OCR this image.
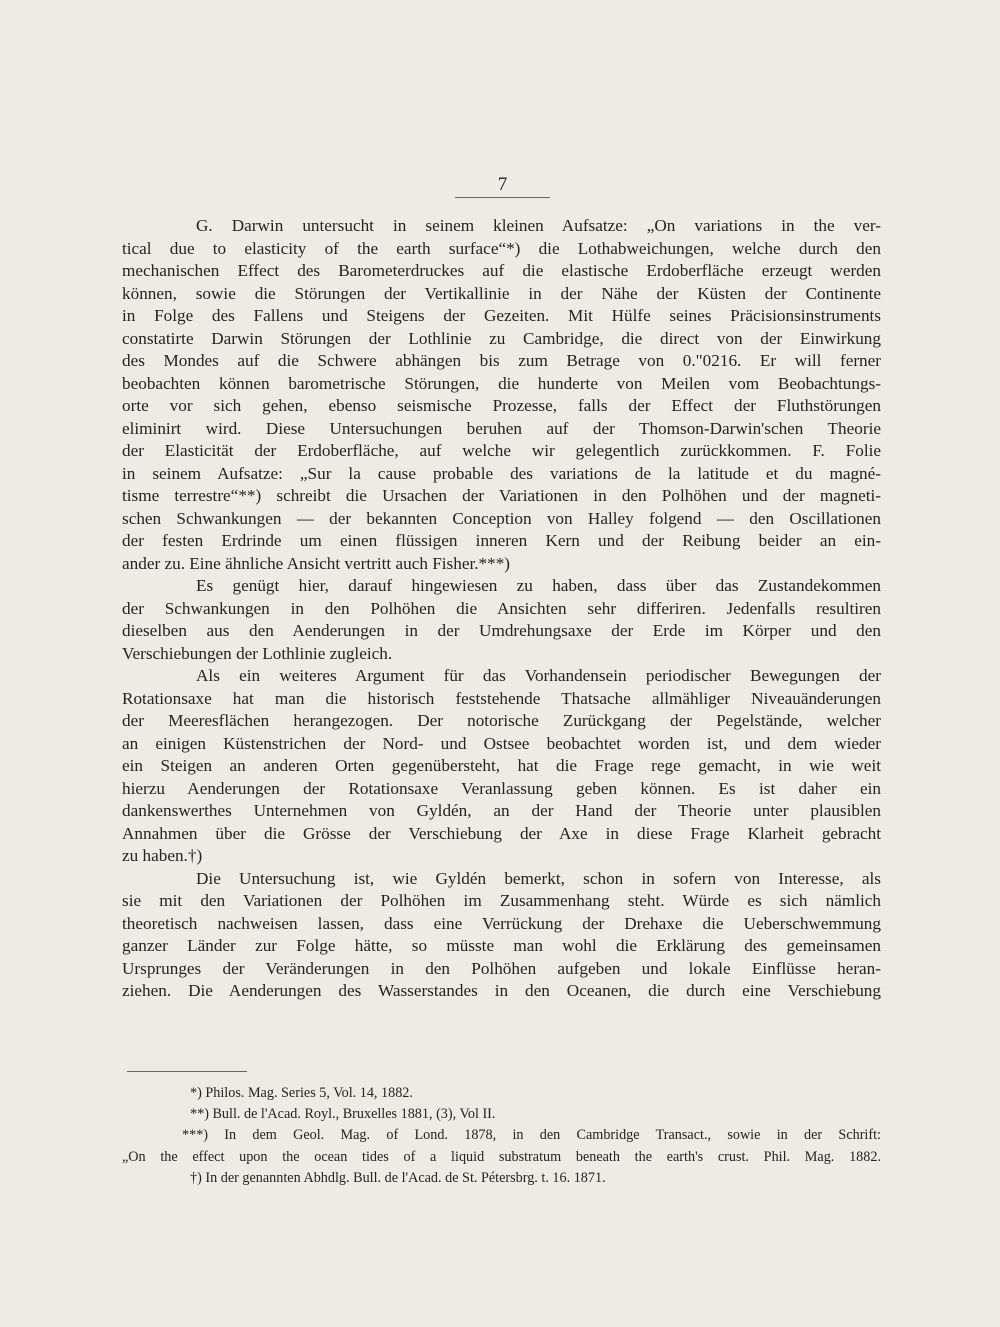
7
G. Darwin untersucht in seinem kleinen Aufsatze: „On variations in the ver-
tical due to elasticity of the earth surface“*) die Lothabweichungen, welche durch den
mechanischen Effect des Barometerdruckes auf die elastische Erdoberfläche erzeugt werden
können, sowie die Störungen der Vertikallinie in der Nähe der Küsten der Continente
in Folge des Fallens und Steigens der Gezeiten. Mit Hülfe seines Präcisionsinstruments
constatirte Darwin Störungen der Lothlinie zu Cambridge, die direct von der Einwirkung
des Mondes auf die Schwere abhängen bis zum Betrage von 0."0216. Er will ferner
beobachten können barometrische Störungen, die hunderte von Meilen vom Beobachtungs-
orte vor sich gehen, ebenso seismische Prozesse, falls der Effect der Fluthstörungen
eliminirt wird. Diese Untersuchungen beruhen auf der Thomson-Darwin'schen Theorie
der Elasticität der Erdoberfläche, auf welche wir gelegentlich zurückkommen. F. Folie
in seinem Aufsatze: „Sur la cause probable des variations de la latitude et du magné-
tisme terrestre“**) schreibt die Ursachen der Variationen in den Polhöhen und der magneti-
schen Schwankungen — der bekannten Conception von Halley folgend — den Oscillationen
der festen Erdrinde um einen flüssigen inneren Kern und der Reibung beider an ein-
ander zu. Eine ähnliche Ansicht vertritt auch Fisher.***)
Es genügt hier, darauf hingewiesen zu haben, dass über das Zustandekommen
der Schwankungen in den Polhöhen die Ansichten sehr differiren. Jedenfalls resultiren
dieselben aus den Aenderungen in der Umdrehungsaxe der Erde im Körper und den
Verschiebungen der Lothlinie zugleich.
Als ein weiteres Argument für das Vorhandensein periodischer Bewegungen der
Rotationsaxe hat man die historisch feststehende Thatsache allmähliger Niveauänderungen
der Meeresflächen herangezogen. Der notorische Zurückgang der Pegelstände, welcher
an einigen Küstenstrichen der Nord- und Ostsee beobachtet worden ist, und dem wieder
ein Steigen an anderen Orten gegenübersteht, hat die Frage rege gemacht, in wie weit
hierzu Aenderungen der Rotationsaxe Veranlassung geben können. Es ist daher ein
dankenswerthes Unternehmen von Gyldén, an der Hand der Theorie unter plausiblen
Annahmen über die Grösse der Verschiebung der Axe in diese Frage Klarheit gebracht
zu haben.†)
Die Untersuchung ist, wie Gyldén bemerkt, schon in sofern von Interesse, als
sie mit den Variationen der Polhöhen im Zusammenhang steht. Würde es sich nämlich
theoretisch nachweisen lassen, dass eine Verrückung der Drehaxe die Ueberschwemmung
ganzer Länder zur Folge hätte, so müsste man wohl die Erklärung des gemeinsamen
Ursprunges der Veränderungen in den Polhöhen aufgeben und lokale Einflüsse heran-
ziehen. Die Aenderungen des Wasserstandes in den Oceanen, die durch eine Verschiebung
*) Philos. Mag. Series 5, Vol. 14, 1882.
**) Bull. de l'Acad. Royl., Bruxelles 1881, (3), Vol II.
***) In dem Geol. Mag. of Lond. 1878, in den Cambridge Transact., sowie in der Schrift:
„On the effect upon the ocean tides of a liquid substratum beneath the earth's crust. Phil. Mag. 1882.
†) In der genannten Abhdlg. Bull. de l'Acad. de St. Pétersbrg. t. 16. 1871.
